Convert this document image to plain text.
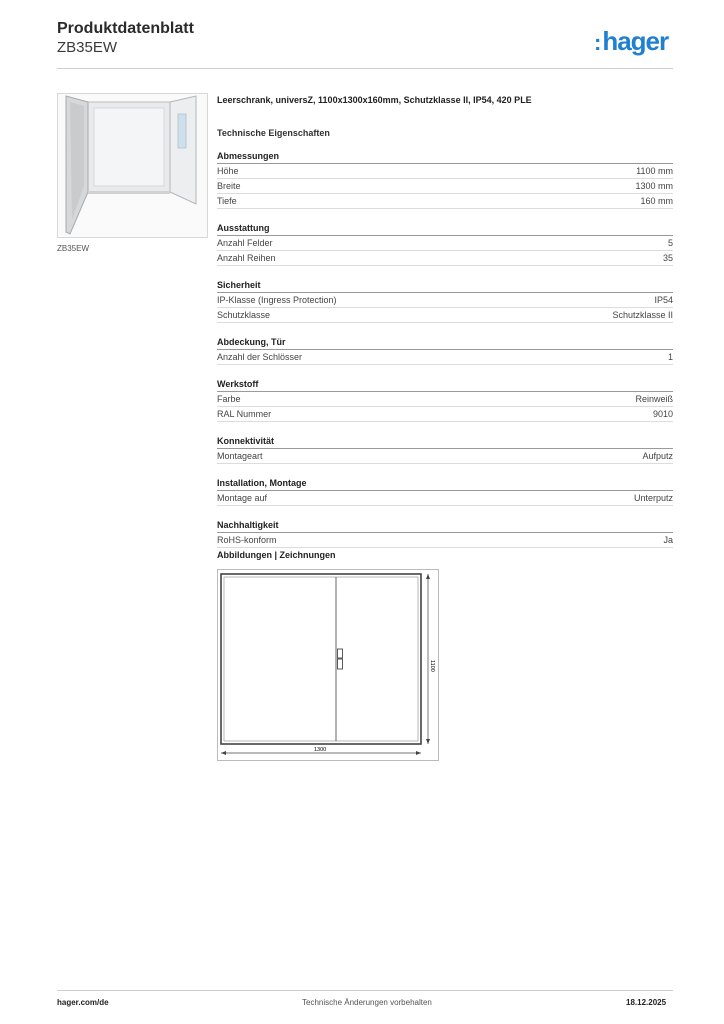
Produktdatenblatt
ZB35EW	:hager
ZB35EW
Leerschrank, universZ, 1100x1300x160mm, Schutzklasse II, IP54, 420 PLE
Technische Eigenschaften
Abmessungen
Höhe	1100 mm
Breite	1300 mm
Tiefe	160 mm
Ausstattung
Anzahl Felder	5
Anzahl Reihen	35
Sicherheit
IP-Klasse (Ingress Protection)	IP54
Schutzklasse	Schutzklasse II
Abdeckung, Tür
Anzahl der Schlösser	1
Werkstoff
Farbe	Reinweiß
RAL Nummer	9010
Konnektivität
Montageart	Aufputz
Installation, Montage
Montage auf	Unterputz
Nachhaltigkeit
RoHS-konform	Ja
Abbildungen | Zeichnungen
1100
1300
hager.com/de	Technische Änderungen vorbehalten	18.12.2025
